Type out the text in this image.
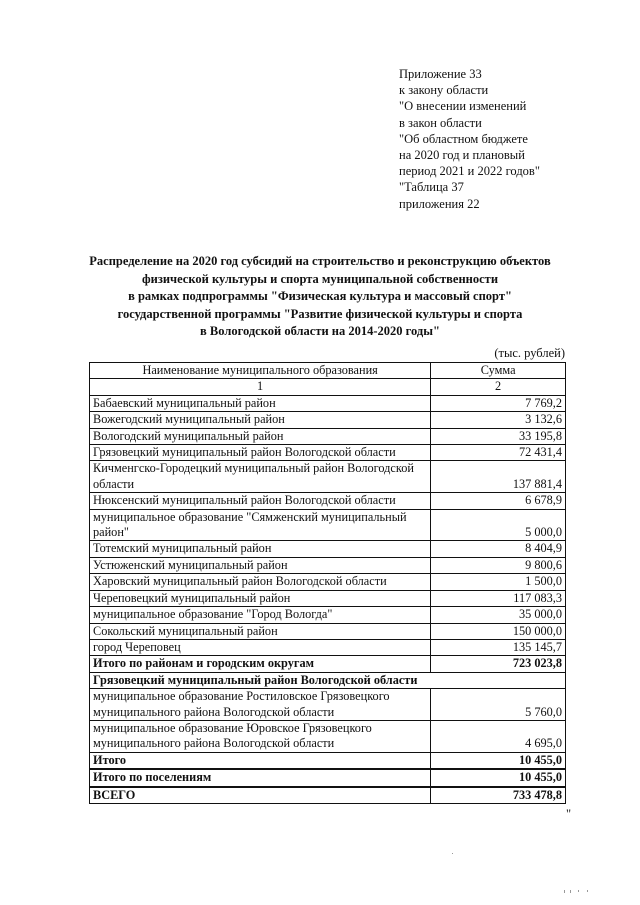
Приложение 33
к закону области
"О внесении изменений
в закон области
"Об областном бюджете
на 2020 год и плановый
период 2021 и 2022 годов"
"Таблица 37
приложения 22
Распределение на 2020 год субсидий на строительство и реконструкцию объектов
физической культуры и спорта муниципальной собственности
в рамках подпрограммы "Физическая культура и массовый спорт"
государственной программы "Развитие физической культуры и спорта
в Вологодской области на 2014-2020 годы"
(тыс. рублей)
Наименование муниципального образования	Сумма
1	2
Бабаевский муниципальный район	7 769,2
Вожегодский муниципальный район	3 132,6
Вологодский муниципальный район	33 195,8
Грязовецкий муниципальный район Вологодской области	72 431,4
Кичменгско-Городецкий муниципальный район Вологодской области	137 881,4
Нюксенский муниципальный район Вологодской области	6 678,9
муниципальное образование "Сямженский муниципальный район"	5 000,0
Тотемский муниципальный район	8 404,9
Устюженский муниципальный район	9 800,6
Харовский муниципальный район Вологодской области	1 500,0
Череповецкий муниципальный район	117 083,3
муниципальное образование "Город Вологда"	35 000,0
Сокольский муниципальный район	150 000,0
город Череповец	135 145,7
Итого по районам и городским округам	723 023,8
Грязовецкий муниципальный район Вологодской области	
муниципальное образование Ростиловское Грязовецкого муниципального района Вологодской области	5 760,0
муниципальное образование Юровское Грязовецкого муниципального района Вологодской области	4 695,0
Итого	10 455,0
Итого по поселениям	10 455,0
ВСЕГО	733 478,8
"
